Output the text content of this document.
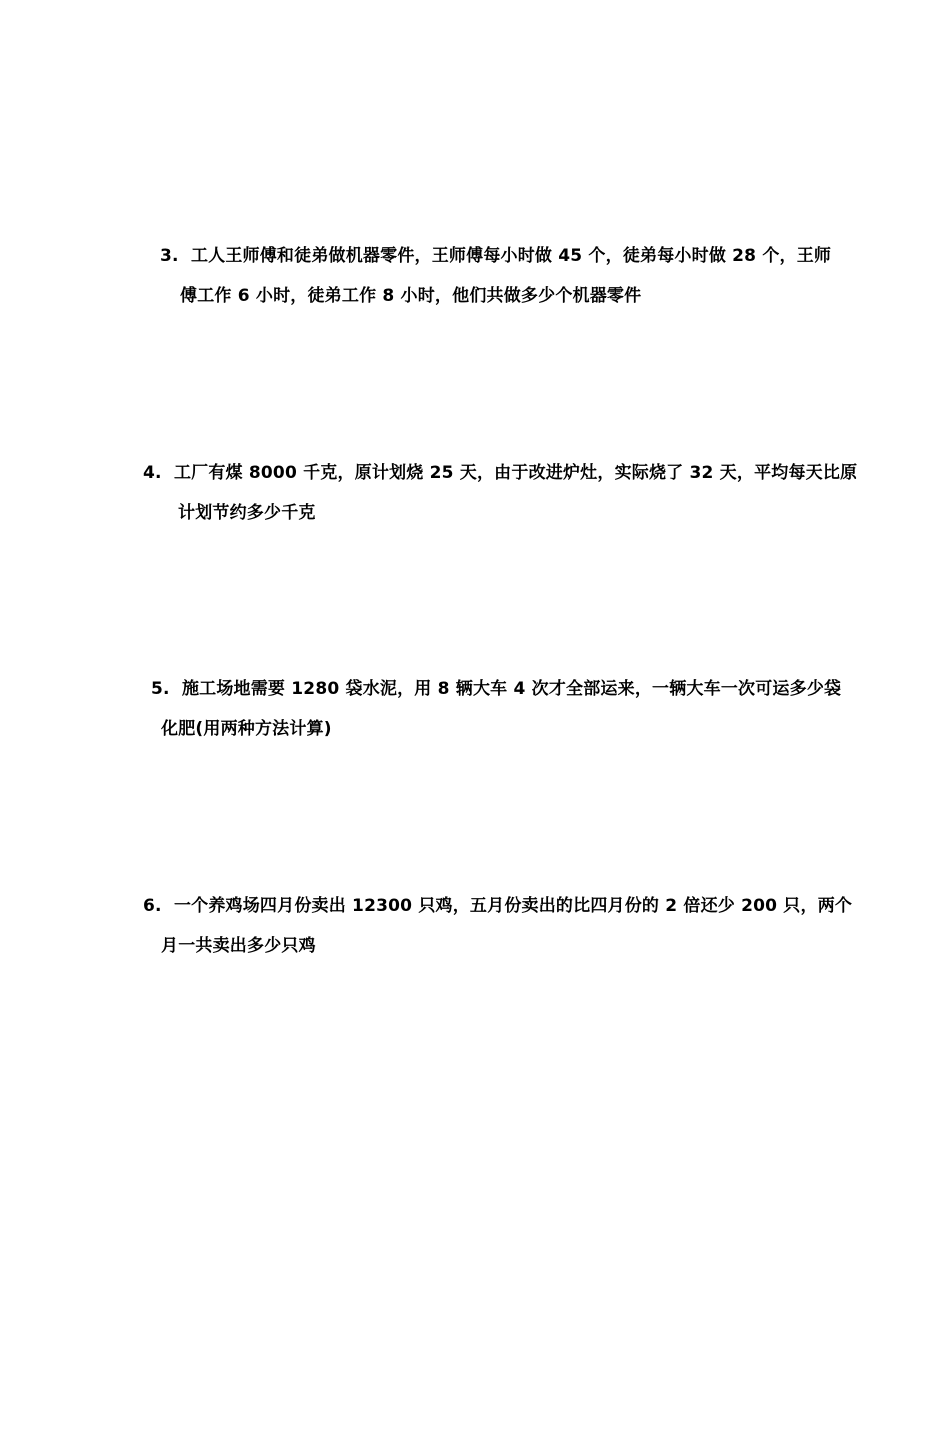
3. 工人王师傅和徒弟做机器零件，王师傅每小时做 45 个，徒弟每小时做 28 个，王师
傅工作 6 小时，徒弟工作 8 小时，他们共做多少个机器零件
4. 工厂有煤 8000 千克，原计划烧 25 天，由于改进炉灶，实际烧了 32 天，平均每天比原
计划节约多少千克
5. 施工场地需要 1280 袋水泥，用 8 辆大车 4 次才全部运来，一辆大车一次可运多少袋
化肥(用两种方法计算)
6. 一个养鸡场四月份卖出 12300 只鸡，五月份卖出的比四月份的 2 倍还少 200 只，两个
月一共卖出多少只鸡
